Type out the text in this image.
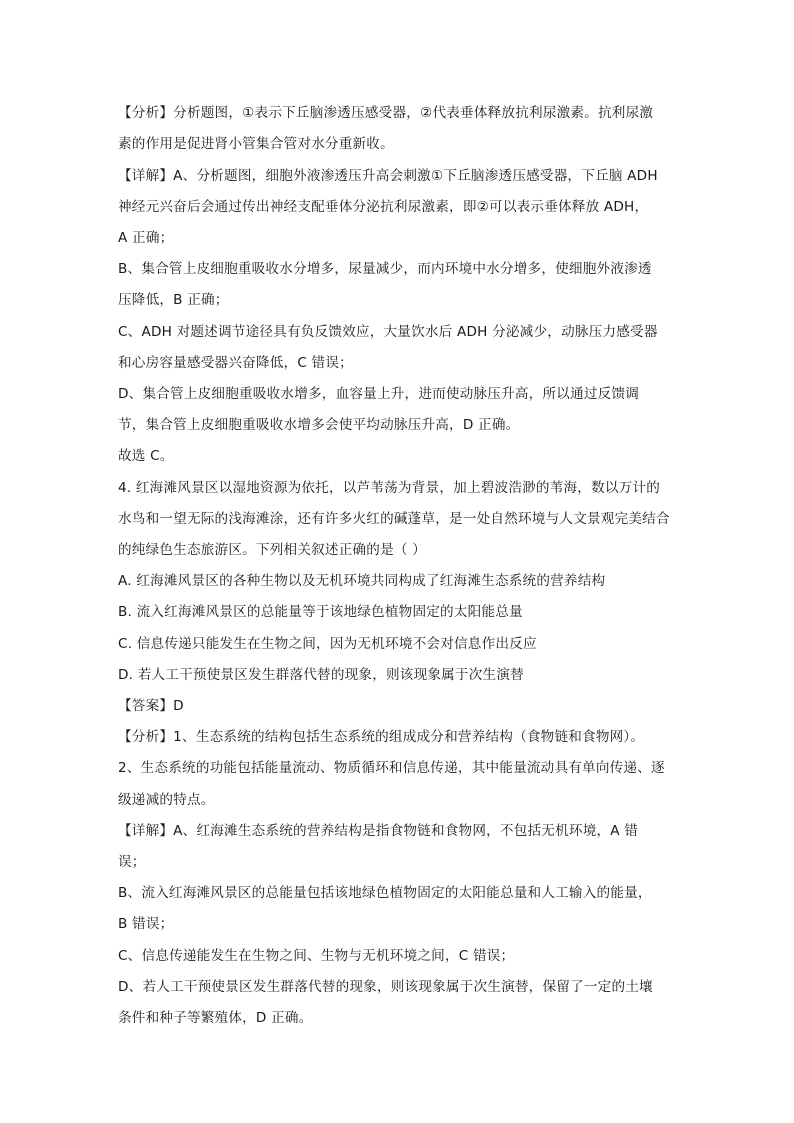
【分析】分析题图，①表示下丘脑渗透压感受器，②代表垂体释放抗利尿激素。抗利尿激
素的作用是促进肾小管集合管对水分重新收。
【详解】A、分析题图，细胞外液渗透压升高会刺激①下丘脑渗透压感受器，下丘脑 ADH
神经元兴奋后会通过传出神经支配垂体分泌抗利尿激素，即②可以表示垂体释放 ADH，
A 正确；
B、集合管上皮细胞重吸收水分增多，尿量减少，而内环境中水分增多，使细胞外液渗透
压降低，B 正确；
C、ADH 对题述调节途径具有负反馈效应，大量饮水后 ADH 分泌减少，动脉压力感受器
和心房容量感受器兴奋降低，C 错误；
D、集合管上皮细胞重吸收水增多，血容量上升，进而使动脉压升高，所以通过反馈调
节，集合管上皮细胞重吸收水增多会使平均动脉压升高，D 正确。
故选 C。
4. 红海滩风景区以湿地资源为依托，以芦苇荡为背景，加上碧波浩渺的苇海，数以万计的
水鸟和一望无际的浅海滩涂，还有许多火红的碱蓬草，是一处自然环境与人文景观完美结合
的纯绿色生态旅游区。下列相关叙述正确的是（ ）
A. 红海滩风景区的各种生物以及无机环境共同构成了红海滩生态系统的营养结构
B. 流入红海滩风景区的总能量等于该地绿色植物固定的太阳能总量
C. 信息传递只能发生在生物之间，因为无机环境不会对信息作出反应
D. 若人工干预使景区发生群落代替的现象，则该现象属于次生演替
【答案】D
【分析】1、生态系统的结构包括生态系统的组成成分和营养结构（食物链和食物网）。
2、生态系统的功能包括能量流动、物质循环和信息传递，其中能量流动具有单向传递、逐
级递减的特点。
【详解】A、红海滩生态系统的营养结构是指食物链和食物网，不包括无机环境，A 错
误；
B、流入红海滩风景区的总能量包括该地绿色植物固定的太阳能总量和人工输入的能量，
B 错误；
C、信息传递能发生在生物之间、生物与无机环境之间，C 错误；
D、若人工干预使景区发生群落代替的现象，则该现象属于次生演替，保留了一定的土壤
条件和种子等繁殖体，D 正确。
